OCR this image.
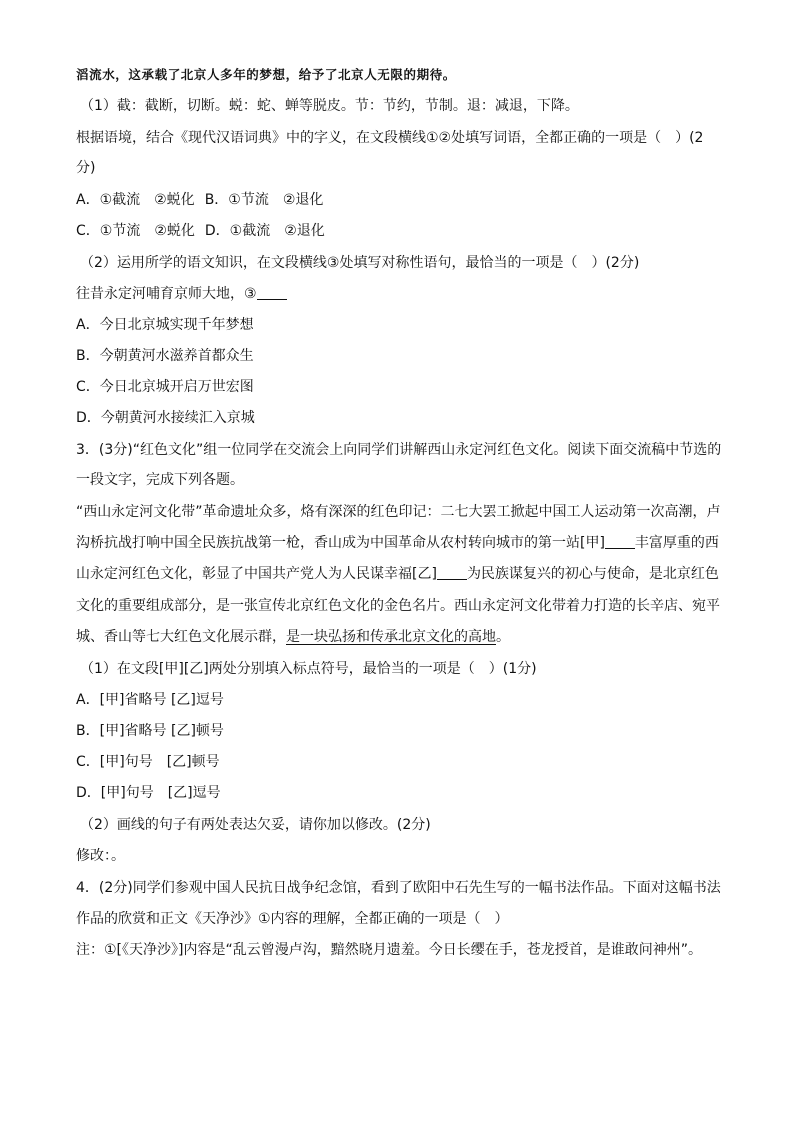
滔流水，这承载了北京人多年的梦想，给予了北京人无限的期待。
（1）截：截断，切断。蜕：蛇、蝉等脱皮。节：节约，节制。退：减退，下降。
根据语境，结合《现代汉语词典》中的字义，在文段横线①②处填写词语，全都正确的一项是（　）(2
分)
A．①截流　②蜕化 B．①节流　②退化
C．①节流　②蜕化 D．①截流　②退化
（2）运用所学的语文知识，在文段横线③处填写对称性语句，最恰当的一项是（　）(2分)
往昔永定河哺育京师大地，③
A．今日北京城实现千年梦想
B．今朝黄河水滋养首都众生
C．今日北京城开启万世宏图
D．今朝黄河水接续汇入京城
3．(3分)“红色文化”组一位同学在交流会上向同学们讲解西山永定河红色文化。阅读下面交流稿中节选的
一段文字，完成下列各题。
“西山永定河文化带”革命遗址众多，烙有深深的红色印记：二七大罢工掀起中国工人运动第一次高潮，卢
沟桥抗战打响中国全民族抗战第一枪，香山成为中国革命从农村转向城市的第一站[甲] 丰富厚重的西
山永定河红色文化，彰显了中国共产党人为人民谋幸福[乙] 为民族谋复兴的初心与使命，是北京红色
文化的重要组成部分，是一张宣传北京红色文化的金色名片。西山永定河文化带着力打造的长辛店、宛平
城、香山等七大红色文化展示群，是一块弘扬和传承北京文化的高地。
（1）在文段[甲][乙]两处分别填入标点符号，最恰当的一项是（　）(1分)
A．[甲]省略号 [乙]逗号
B．[甲]省略号 [乙]顿号
C．[甲]句号　[乙]顿号
D．[甲]句号　[乙]逗号
（2）画线的句子有两处表达欠妥，请你加以修改。(2分)
修改：。
4．(2分)同学们参观中国人民抗日战争纪念馆，看到了欧阳中石先生写的一幅书法作品。下面对这幅书法
作品的欣赏和正文《天净沙》①内容的理解，全都正确的一项是（　）
注：①[《天净沙》]内容是“乱云曾漫卢沟，黯然晓月遗羞。今日长缨在手，苍龙授首，是谁敢问神州”。
